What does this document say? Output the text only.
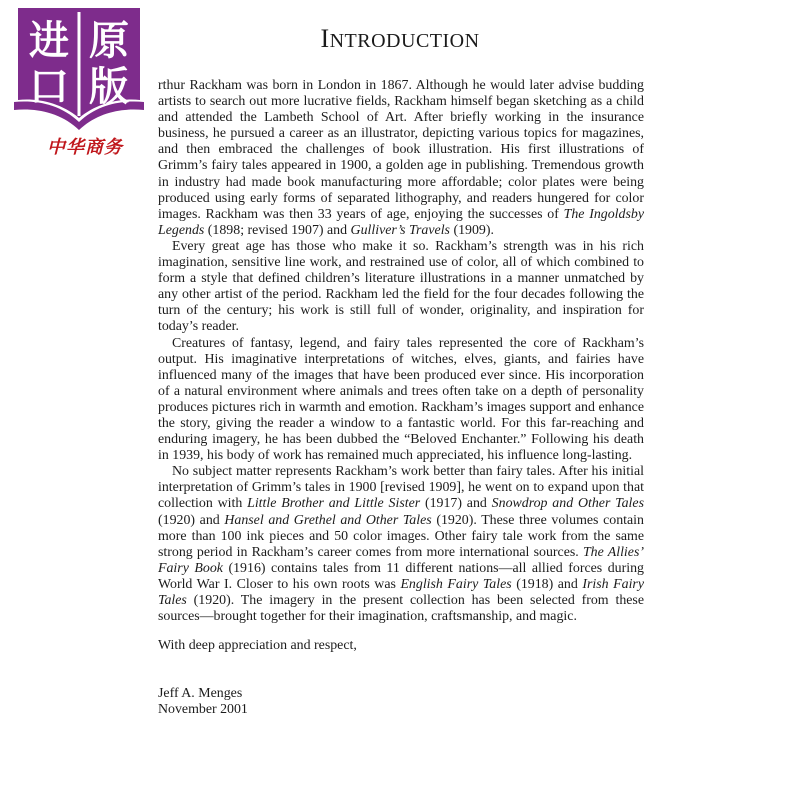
进 原
口 版
中华商务
INTRODUCTION

rthur Rackham was born in London in 1867. Although he would later advise budding artists to search out more lucrative fields, Rackham himself began sketching as a child and attended the Lambeth School of Art. After briefly working in the insurance business, he pursued a career as an illustrator, depicting various topics for magazines, and then embraced the challenges of book illustration. His first illustrations of Grimm’s fairy tales appeared in 1900, a golden age in publishing. Tremendous growth in industry had made book manufacturing more affordable; color plates were being produced using early forms of separated lithography, and readers hungered for color images. Rackham was then 33 years of age, enjoying the successes of The Ingoldsby Legends (1898; revised 1907) and Gulliver’s Travels (1909).

Every great age has those who make it so. Rackham’s strength was in his rich imagination, sensitive line work, and restrained use of color, all of which combined to form a style that defined children’s literature illustrations in a manner unmatched by any other artist of the period. Rackham led the field for the four decades following the turn of the century; his work is still full of wonder, originality, and inspiration for today’s reader.

Creatures of fantasy, legend, and fairy tales represented the core of Rackham’s output. His imaginative interpretations of witches, elves, giants, and fairies have influenced many of the images that have been produced ever since. His incorporation of a natural environment where animals and trees often take on a depth of personality produces pictures rich in warmth and emotion. Rackham’s images support and enhance the story, giving the reader a window to a fantastic world. For this far-reaching and enduring imagery, he has been dubbed the “Beloved Enchanter.” Following his death in 1939, his body of work has remained much appreciated, his influence long-lasting.

No subject matter represents Rackham’s work better than fairy tales. After his initial interpretation of Grimm’s tales in 1900 [revised 1909], he went on to expand upon that collection with Little Brother and Little Sister (1917) and Snowdrop and Other Tales (1920) and Hansel and Grethel and Other Tales (1920). These three volumes contain more than 100 ink pieces and 50 color images. Other fairy tale work from the same strong period in Rackham’s career comes from more international sources. The Allies’ Fairy Book (1916) contains tales from 11 different nations—all allied forces during World War I. Closer to his own roots was English Fairy Tales (1918) and Irish Fairy Tales (1920). The imagery in the present collection has been selected from these sources—brought together for their imagination, craftsmanship, and magic.

With deep appreciation and respect,

Jeff A. Menges

November 2001
